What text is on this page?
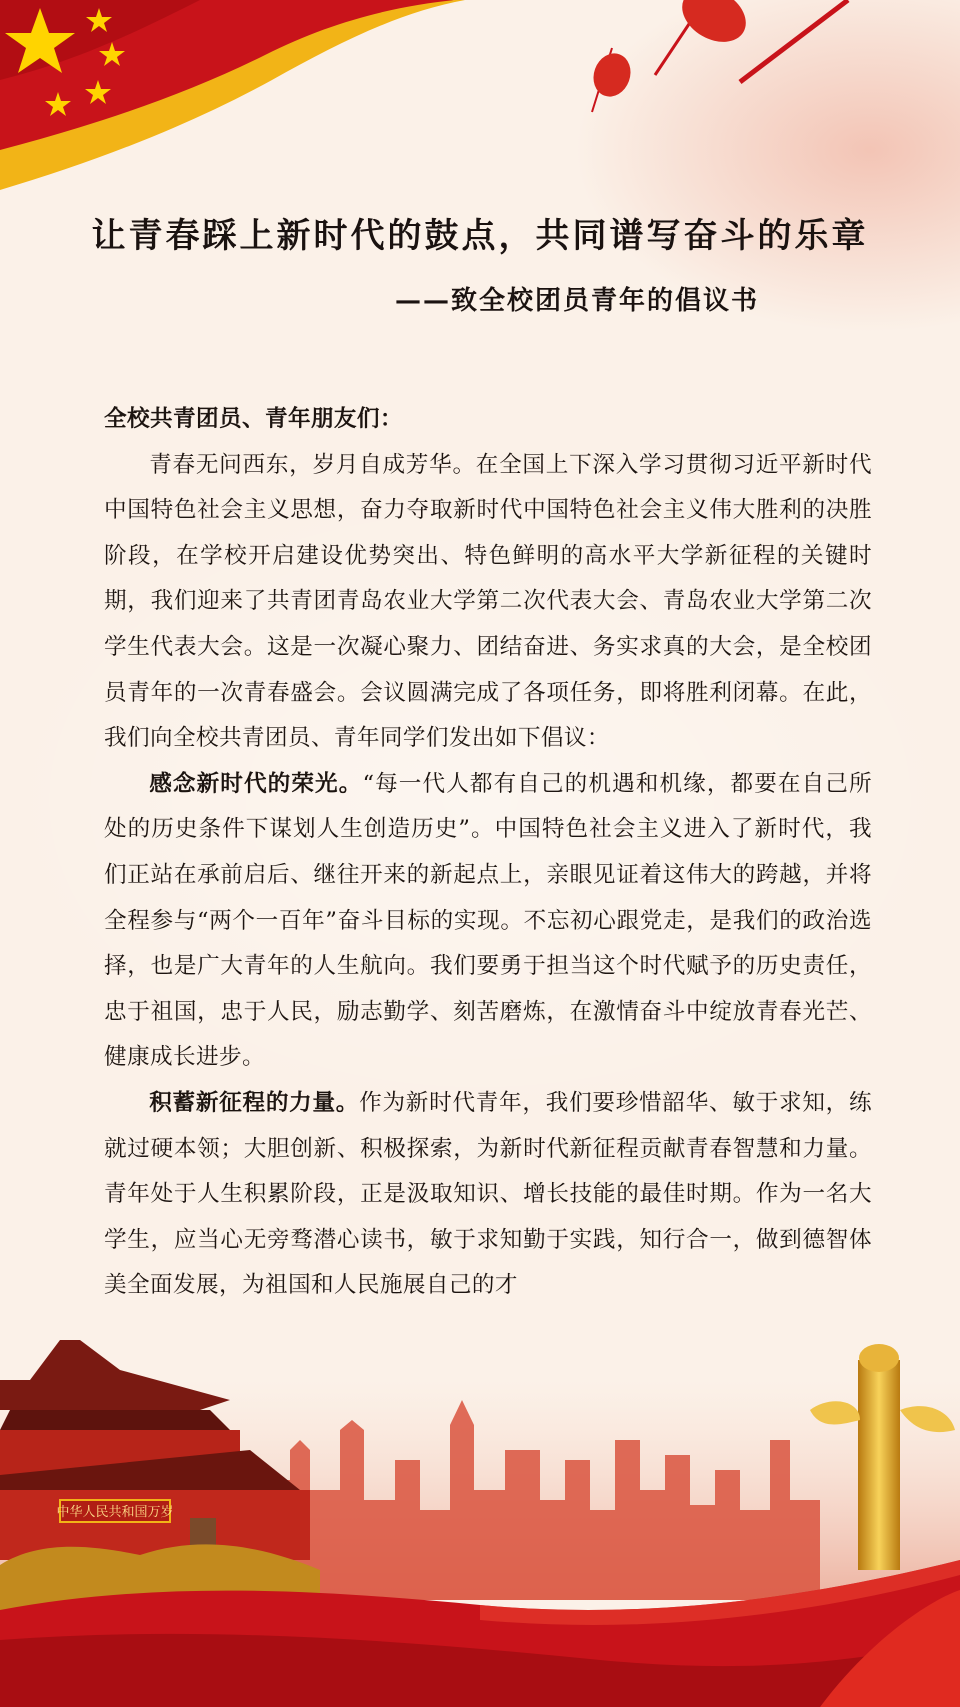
让青春踩上新时代的鼓点，共同谱写奋斗的乐章
——致全校团员青年的倡议书

全校共青团员、青年朋友们：

青春无问西东，岁月自成芳华。在全国上下深入学习贯彻习近平新时代中国特色社会主义思想，奋力夺取新时代中国特色社会主义伟大胜利的决胜阶段，在学校开启建设优势突出、特色鲜明的高水平大学新征程的关键时期，我们迎来了共青团青岛农业大学第二次代表大会、青岛农业大学第二次学生代表大会。这是一次凝心聚力、团结奋进、务实求真的大会，是全校团员青年的一次青春盛会。会议圆满完成了各项任务，即将胜利闭幕。在此，我们向全校共青团员、青年同学们发出如下倡议：

感念新时代的荣光。“每一代人都有自己的机遇和机缘，都要在自己所处的历史条件下谋划人生创造历史”。中国特色社会主义进入了新时代，我们正站在承前启后、继往开来的新起点上，亲眼见证着这伟大的跨越，并将全程参与“两个一百年”奋斗目标的实现。不忘初心跟党走，是我们的政治选择，也是广大青年的人生航向。我们要勇于担当这个时代赋予的历史责任，忠于祖国，忠于人民，励志勤学、刻苦磨炼，在激情奋斗中绽放青春光芒、健康成长进步。

积蓄新征程的力量。作为新时代青年，我们要珍惜韶华、敏于求知，练就过硬本领；大胆创新、积极探索，为新时代新征程贡献青春智慧和力量。青年处于人生积累阶段，正是汲取知识、增长技能的最佳时期。作为一名大学生，应当心无旁骛潜心读书，敏于求知勤于实践，知行合一，做到德智体美全面发展，为祖国和人民施展自己的才

中华人民共和国万岁
